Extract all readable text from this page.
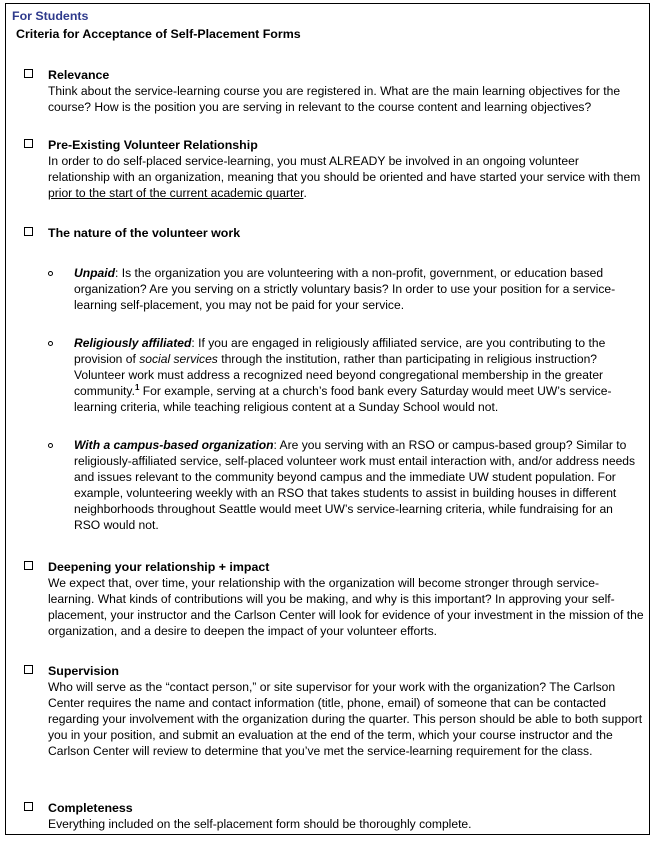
For Students
Criteria for Acceptance of Self-Placement Forms
Relevance

Think about the service-learning course you are registered in. What are the main learning objectives for the course? How is the position you are serving in relevant to the course content and learning objectives?

Pre-Existing Volunteer Relationship

In order to do self-placed service-learning, you must ALREADY be involved in an ongoing volunteer relationship with an organization, meaning that you should be oriented and have started your service with them prior to the start of the current academic quarter.

The nature of the volunteer work

Unpaid: Is the organization you are volunteering with a non-profit, government, or education based organization? Are you serving on a strictly voluntary basis? In order to use your position for a service-learning self-placement, you may not be paid for your service.

Religiously affiliated: If you are engaged in religiously affiliated service, are you contributing to the provision of social services through the institution, rather than participating in religious instruction? Volunteer work must address a recognized need beyond congregational membership in the greater community.$^1$ For example, serving at a church’s food bank every Saturday would meet UW’s service-learning criteria, while teaching religious content at a Sunday School would not.

With a campus-based organization: Are you serving with an RSO or campus-based group? Similar to religiously-affiliated service, self-placed volunteer work must entail interaction with, and/or address needs and issues relevant to the community beyond campus and the immediate UW student population. For example, volunteering weekly with an RSO that takes students to assist in building houses in different neighborhoods throughout Seattle would meet UW’s service-learning criteria, while fundraising for an RSO would not.

Deepening your relationship + impact

We expect that, over time, your relationship with the organization will become stronger through service-learning. What kinds of contributions will you be making, and why is this important? In approving your self-placement, your instructor and the Carlson Center will look for evidence of your investment in the mission of the organization, and a desire to deepen the impact of your volunteer efforts.

Supervision

Who will serve as the “contact person,” or site supervisor for your work with the organization? The Carlson Center requires the name and contact information (title, phone, email) of someone that can be contacted regarding your involvement with the organization during the quarter. This person should be able to both support you in your position, and submit an evaluation at the end of the term, which your course instructor and the Carlson Center will review to determine that you’ve met the service-learning requirement for the class.

Completeness

Everything included on the self-placement form should be thoroughly complete.
